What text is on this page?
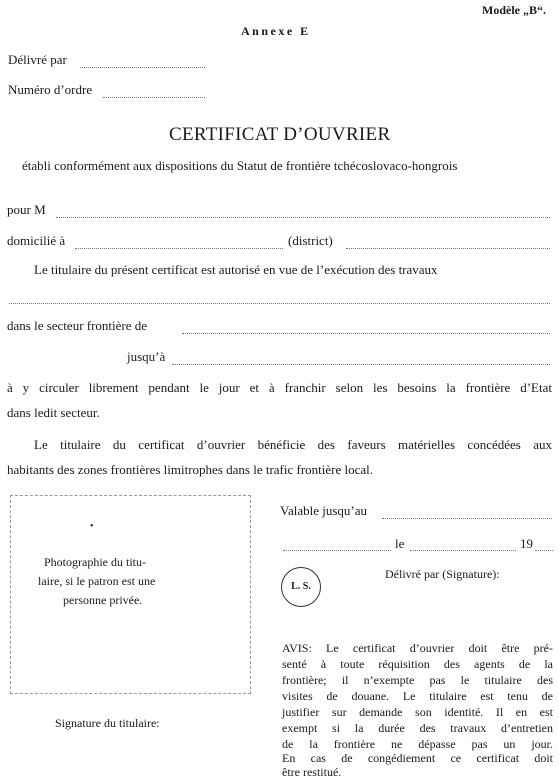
Modèle „B“.
Annexe E
Délivré par
Numéro d’ordre
CERTIFICAT D’OUVRIER
établi conformément aux dispositions du Statut de frontière tchécoslovaco-hongrois
pour M
domicilié à	(district)
Le titulaire du présent certificat est autorisé en vue de l’exécution des travaux
dans le secteur frontière de
jusqu’à
à y circuler librement pendant le jour et à franchir selon les besoins la frontière d’Etat
dans ledit secteur.
Le titulaire du certificat d’ouvrier bénéficie des faveurs matérielles concédées aux
habitants des zones frontières limitrophes dans le trafic frontière local.
•
Photographie du titu-
laire, si le patron est une
personne privée.
Signature du titulaire:
Valable jusqu’au
le	19
L. S.
Délivré par (Signature):
AVIS: Le certificat d’ouvrier doit être pré-
senté à toute réquisition des agents de la
frontière; il n’exempte pas le titulaire des
visites de douane. Le titulaire est tenu de
justifier sur demande son identité. Il en est
exempt si la durée des travaux d’entretien
de la frontière ne dépasse pas un jour.
En cas de congédiement ce certificat doit
être restitué.
